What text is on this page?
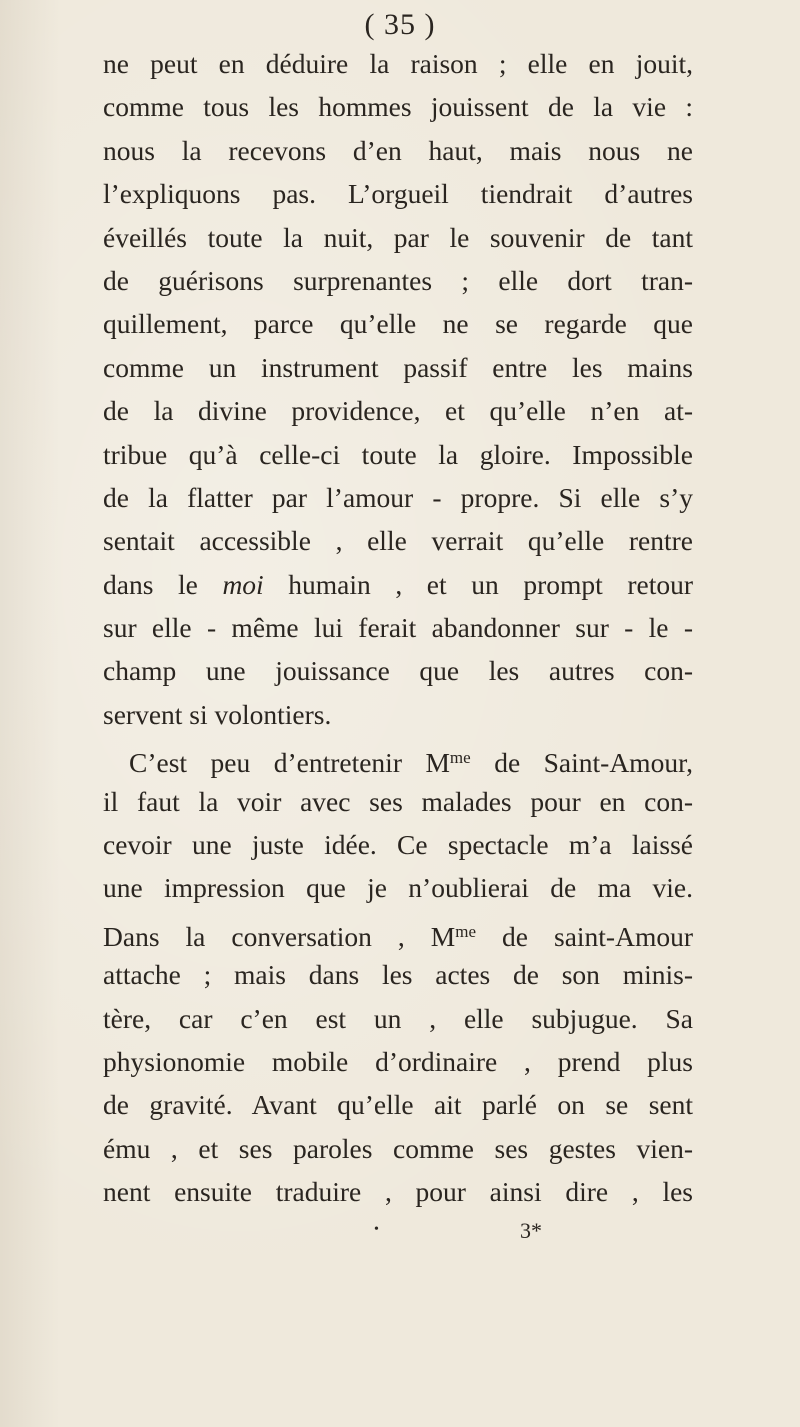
( 35 )
ne peut en déduire la raison ; elle en jouit,
comme tous les hommes jouissent de la vie :
nous la recevons d’en haut, mais nous ne
l’expliquons pas. L’orgueil tiendrait d’autres
éveillés toute la nuit, par le souvenir de tant
de guérisons surprenantes ; elle dort tran-
quillement, parce qu’elle ne se regarde que
comme un instrument passif entre les mains
de la divine providence, et qu’elle n’en at-
tribue qu’à celle-ci toute la gloire. Impossible
de la flatter par l’amour - propre. Si elle s’y
sentait accessible , elle verrait qu’elle rentre
dans le moi humain , et un prompt retour
sur elle - même lui ferait abandonner sur - le -
champ une jouissance que les autres con-
servent si volontiers.
C’est peu d’entretenir $M^{me}$ de Saint-Amour,
il faut la voir avec ses malades pour en con-
cevoir une juste idée. Ce spectacle m’a laissé
une impression que je n’oublierai de ma vie.
Dans la conversation , $M^{me}$ de saint-Amour
attache ; mais dans les actes de son minis-
tère, car c’en est un , elle subjugue. Sa
physionomie mobile d’ordinaire , prend plus
de gravité. Avant qu’elle ait parlé on se sent
ému , et ses paroles comme ses gestes vien-
nent ensuite traduire , pour ainsi dire , les
•	3*
